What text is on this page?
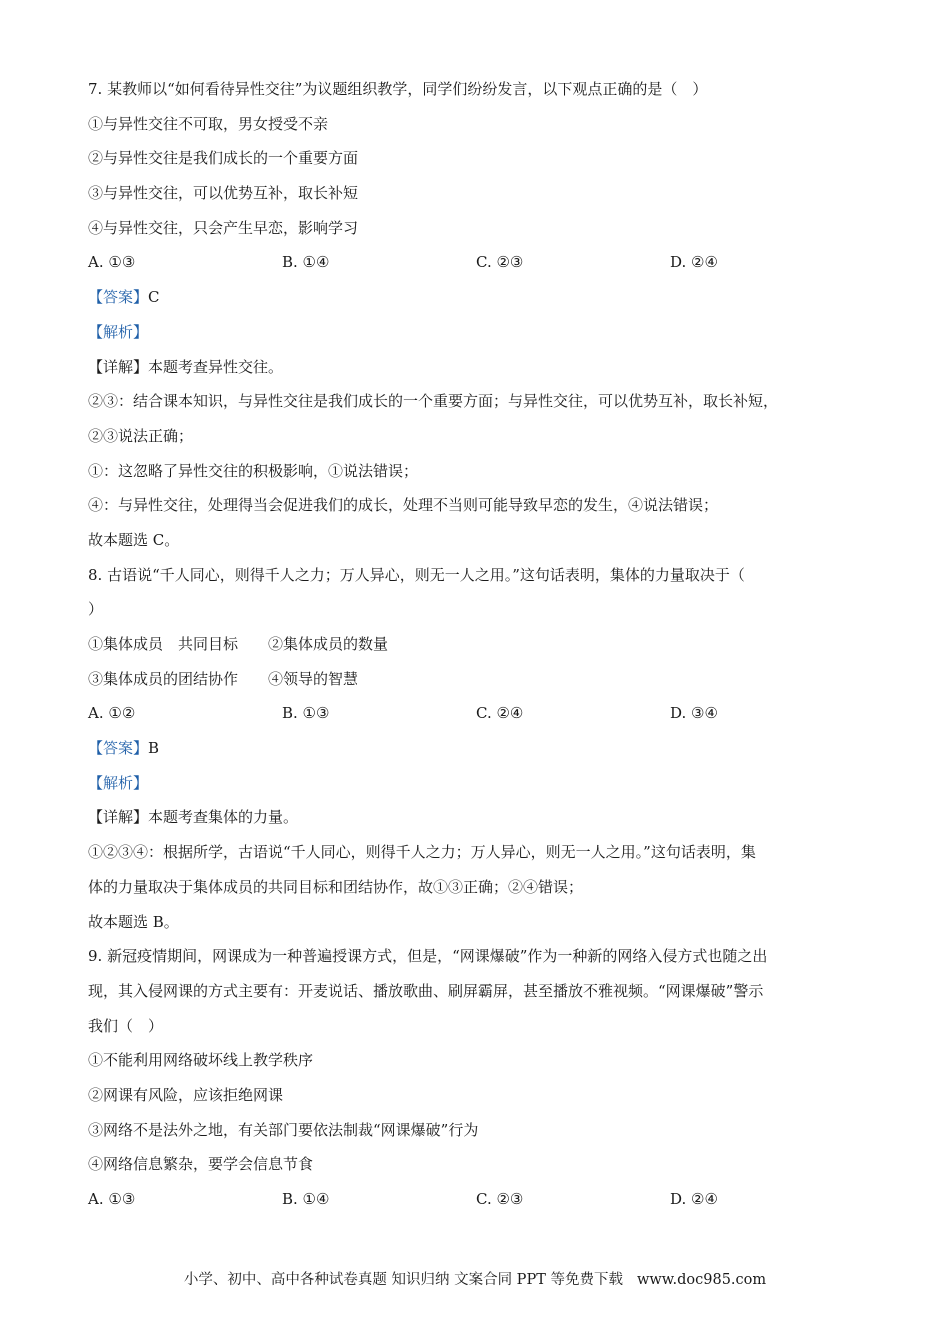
7. 某教师以“如何看待异性交往”为议题组织教学，同学们纷纷发言，以下观点正确的是（　）
①与异性交往不可取，男女授受不亲
②与异性交往是我们成长的一个重要方面
③与异性交往，可以优势互补，取长补短
④与异性交往，只会产生早恋，影响学习
A. ①③	B. ①④	C. ②③	D. ②④
【答案】C
【解析】
【详解】本题考查异性交往。
②③：结合课本知识，与异性交往是我们成长的一个重要方面；与异性交往，可以优势互补，取长补短，
②③说法正确；
①：这忽略了异性交往的积极影响，①说法错误；
④：与异性交往，处理得当会促进我们的成长，处理不当则可能导致早恋的发生，④说法错误；
故本题选 C。
8. 古语说“千人同心，则得千人之力；万人异心，则无一人之用。”这句话表明，集体的力量取决于（
）
①集体成员　共同目标　　②集体成员的数量
③集体成员的团结协作　　④领导的智慧
A. ①②	B. ①③	C. ②④	D. ③④
【答案】B
【解析】
【详解】本题考查集体的力量。
①②③④：根据所学，古语说“千人同心，则得千人之力；万人异心，则无一人之用。”这句话表明，集
体的力量取决于集体成员的共同目标和团结协作，故①③正确；②④错误；
故本题选 B。
9. 新冠疫情期间，网课成为一种普遍授课方式，但是，“网课爆破”作为一种新的网络入侵方式也随之出
现，其入侵网课的方式主要有：开麦说话、播放歌曲、刷屏霸屏，甚至播放不雅视频。“网课爆破”警示
我们（　）
①不能利用网络破坏线上教学秩序
②网课有风险，应该拒绝网课
③网络不是法外之地，有关部门要依法制裁“网课爆破”行为
④网络信息繁杂，要学会信息节食
A. ①③	B. ①④	C. ②③	D. ②④
小学、初中、高中各种试卷真题 知识归纳 文案合同 PPT 等免费下载 www.doc985.com
